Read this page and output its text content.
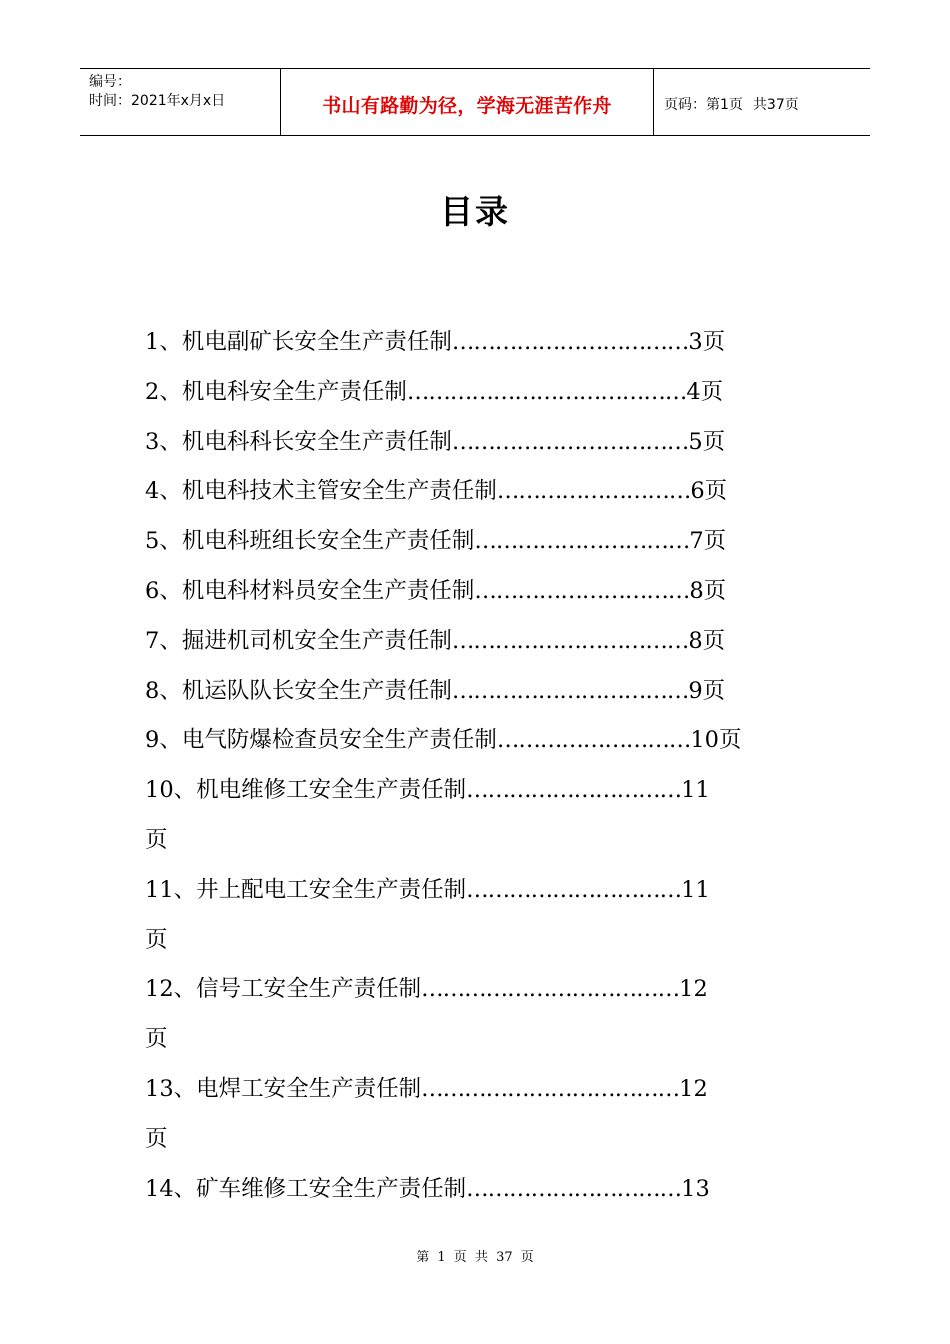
编号：
时间：2021年x月x日	书山有路勤为径，学海无涯苦作舟	页码：第1页 共37页
目录
1、机电副矿长安全生产责任制……………………………3页
2、机电科安全生产责任制…………………………………4页
3、机电科科长安全生产责任制……………………………5页
4、机电科技术主管安全生产责任制………………………6页
5、机电科班组长安全生产责任制…………………………7页
6、机电科材料员安全生产责任制…………………………8页
7、掘进机司机安全生产责任制……………………………8页
8、机运队队长安全生产责任制……………………………9页
9、电气防爆检查员安全生产责任制………………………10页
10、机电维修工安全生产责任制…………………………11
页
11、井上配电工安全生产责任制…………………………11
页
12、信号工安全生产责任制………………………………12
页
13、电焊工安全生产责任制………………………………12
页
14、矿车维修工安全生产责任制…………………………13
第 1 页 共 37 页
